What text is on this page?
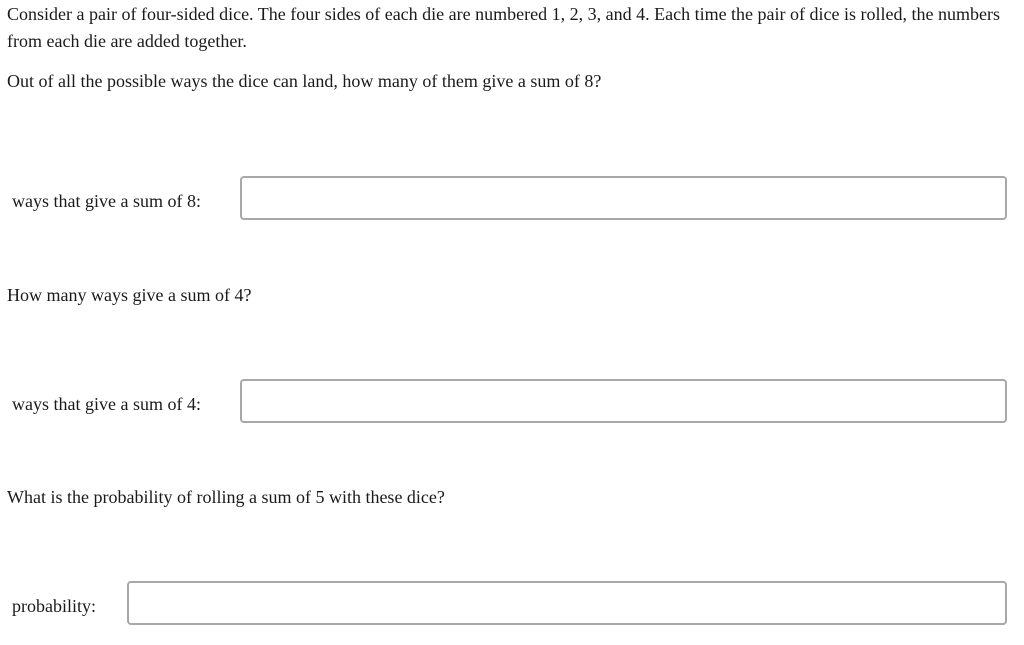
Consider a pair of four-sided dice. The four sides of each die are numbered 1, 2, 3, and 4. Each time the pair of dice is rolled, the numbers from each die are added together.

Out of all the possible ways the dice can land, how many of them give a sum of 8?

ways that give a sum of 8:

How many ways give a sum of 4?

ways that give a sum of 4:

What is the probability of rolling a sum of 5 with these dice?

probability:
